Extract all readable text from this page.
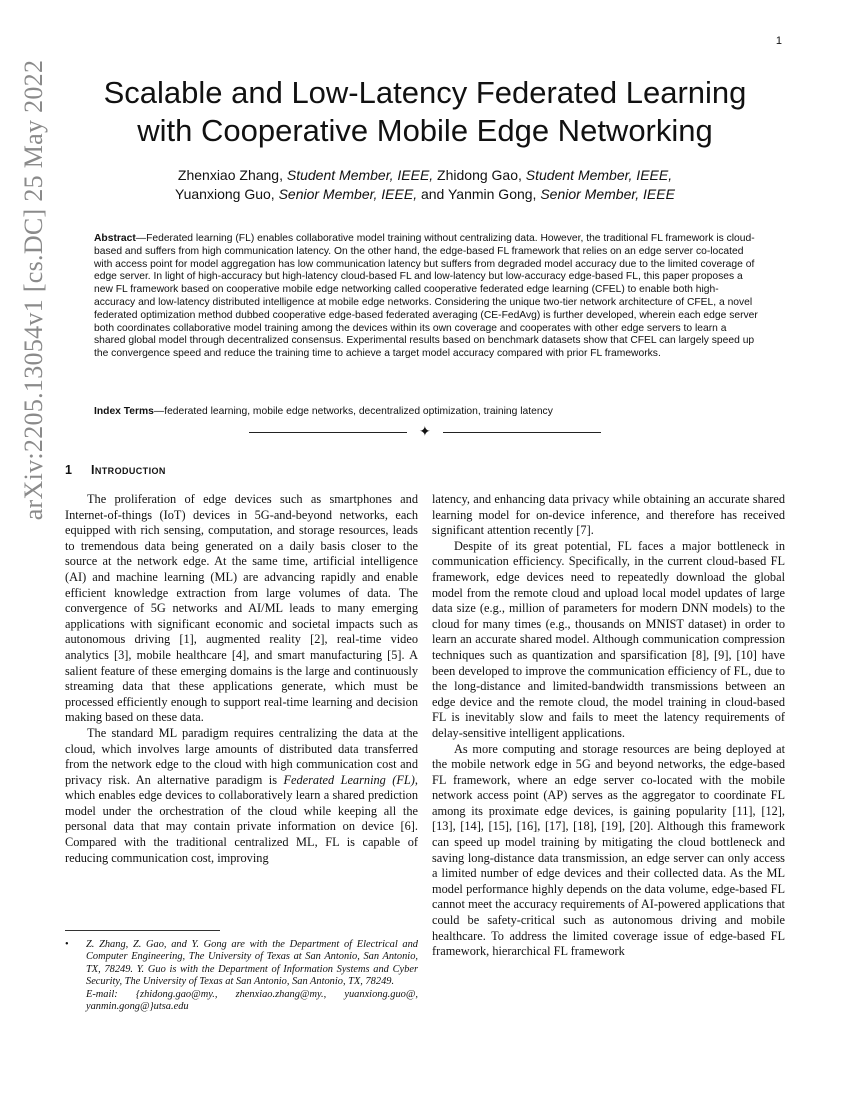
1
arXiv:2205.13054v1 [cs.DC] 25 May 2022	Scalable and Low-Latency Federated Learning
with Cooperative Mobile Edge Networking
Zhenxiao Zhang, Student Member, IEEE, Zhidong Gao, Student Member, IEEE,
Yuanxiong Guo, Senior Member, IEEE, and Yanmin Gong, Senior Member, IEEE

Abstract—Federated learning (FL) enables collaborative model training without centralizing data. However, the traditional FL framework is cloud-based and suffers from high communication latency. On the other hand, the edge-based FL framework that relies on an edge server co-located with access point for model aggregation has low communication latency but suffers from degraded model accuracy due to the limited coverage of edge server. In light of high-accuracy but high-latency cloud-based FL and low-latency but low-accuracy edge-based FL, this paper proposes a new FL framework based on cooperative mobile edge networking called cooperative federated edge learning (CFEL) to enable both high-accuracy and low-latency distributed intelligence at mobile edge networks. Considering the unique two-tier network architecture of CFEL, a novel federated optimization method dubbed cooperative edge-based federated averaging (CE-FedAvg) is further developed, wherein each edge server both coordinates collaborative model training among the devices within its own coverage and cooperates with other edge servers to learn a shared global model through decentralized consensus. Experimental results based on benchmark datasets show that CFEL can largely speed up the convergence speed and reduce the training time to achieve a target model accuracy compared with prior FL frameworks.

Index Terms—federated learning, mobile edge networks, decentralized optimization, training latency

✦
1 Introduction

The proliferation of edge devices such as smartphones and Internet-of-things (IoT) devices in 5G-and-beyond networks, each equipped with rich sensing, computation, and storage resources, leads to tremendous data being generated on a daily basis closer to the source at the network edge. At the same time, artificial intelligence (AI) and machine learning (ML) are advancing rapidly and enable efficient knowledge extraction from large volumes of data. The convergence of 5G networks and AI/ML leads to many emerging applications with significant economic and societal impacts such as autonomous driving [1], augmented reality [2], real-time video analytics [3], mobile healthcare [4], and smart manufacturing [5]. A salient feature of these emerging domains is the large and continuously streaming data that these applications generate, which must be processed efficiently enough to support real-time learning and decision making based on these data.

The standard ML paradigm requires centralizing the data at the cloud, which involves large amounts of distributed data transferred from the network edge to the cloud with high communication cost and privacy risk. An alternative paradigm is Federated Learning (FL), which enables edge devices to collaboratively learn a shared prediction model under the orchestration of the cloud while keeping all the personal data that may contain private information on device [6]. Compared with the traditional centralized ML, FL is capable of reducing communication cost, improving

latency, and enhancing data privacy while obtaining an accurate shared learning model for on-device inference, and therefore has received significant attention recently [7].

Despite of its great potential, FL faces a major bottleneck in communication efficiency. Specifically, in the current cloud-based FL framework, edge devices need to repeatedly download the global model from the remote cloud and upload local model updates of large data size (e.g., million of parameters for modern DNN models) to the cloud for many times (e.g., thousands on MNIST dataset) in order to learn an accurate shared model. Although communication compression techniques such as quantization and sparsification [8], [9], [10] have been developed to improve the communication efficiency of FL, due to the long-distance and limited-bandwidth transmissions between an edge device and the remote cloud, the model training in cloud-based FL is inevitably slow and fails to meet the latency requirements of delay-sensitive intelligent applications.

As more computing and storage resources are being deployed at the mobile network edge in 5G and beyond networks, the edge-based FL framework, where an edge server co-located with the mobile network access point (AP) serves as the aggregator to coordinate FL among its proximate edge devices, is gaining popularity [11], [12], [13], [14], [15], [16], [17], [18], [19], [20]. Although this framework can speed up model training by mitigating the cloud bottleneck and saving long-distance data transmission, an edge server can only access a limited number of edge devices and their collected data. As the ML model performance highly depends on the data volume, edge-based FL cannot meet the accuracy requirements of AI-powered applications that could be safety-critical such as autonomous driving and mobile healthcare. To address the limited coverage issue of edge-based FL framework, hierarchical FL framework

• Z. Zhang, Z. Gao, and Y. Gong are with the Department of Electrical and Computer Engineering, The University of Texas at San Antonio, San Antonio, TX, 78249. Y. Guo is with the Department of Information Systems and Cyber Security, The University of Texas at San Antonio, San Antonio, TX, 78249.

E-mail: {zhidong.gao@my., zhenxiao.zhang@my., yuanxiong.guo@, yanmin.gong@}utsa.edu
